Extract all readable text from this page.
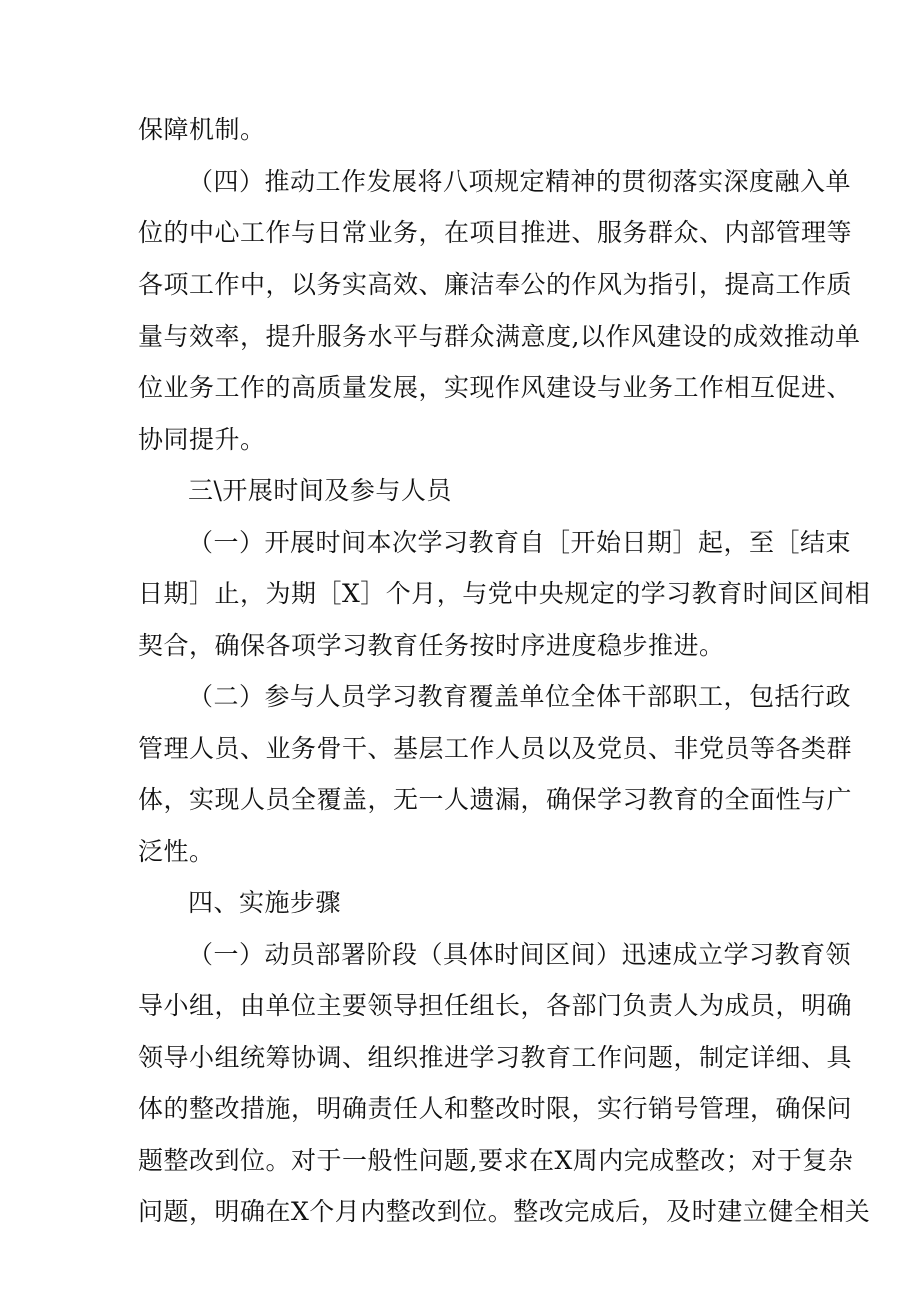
保障机制。
（四）推动工作发展将八项规定精神的贯彻落实深度融入单
位的中心工作与日常业务，在项目推进、服务群众、内部管理等
各项工作中，以务实高效、廉洁奉公的作风为指引，提高工作质
量与效率，提升服务水平与群众满意度,以作风建设的成效推动单
位业务工作的高质量发展，实现作风建设与业务工作相互促进、
协同提升。
三\开展时间及参与人员
（一）开展时间本次学习教育自［开始日期］起，至［结束
日期］止，为期［X］个月，与党中央规定的学习教育时间区间相
契合，确保各项学习教育任务按时序进度稳步推进。
（二）参与人员学习教育覆盖单位全体干部职工，包括行政
管理人员、业务骨干、基层工作人员以及党员、非党员等各类群
体，实现人员全覆盖，无一人遗漏，确保学习教育的全面性与广
泛性。
四、实施步骤
（一）动员部署阶段（具体时间区间）迅速成立学习教育领
导小组，由单位主要领导担任组长，各部门负责人为成员，明确
领导小组统筹协调、组织推进学习教育工作问题，制定详细、具
体的整改措施，明确责任人和整改时限，实行销号管理，确保问
题整改到位。对于一般性问题,要求在X周内完成整改；对于复杂
问题，明确在X个月内整改到位。整改完成后，及时建立健全相关
